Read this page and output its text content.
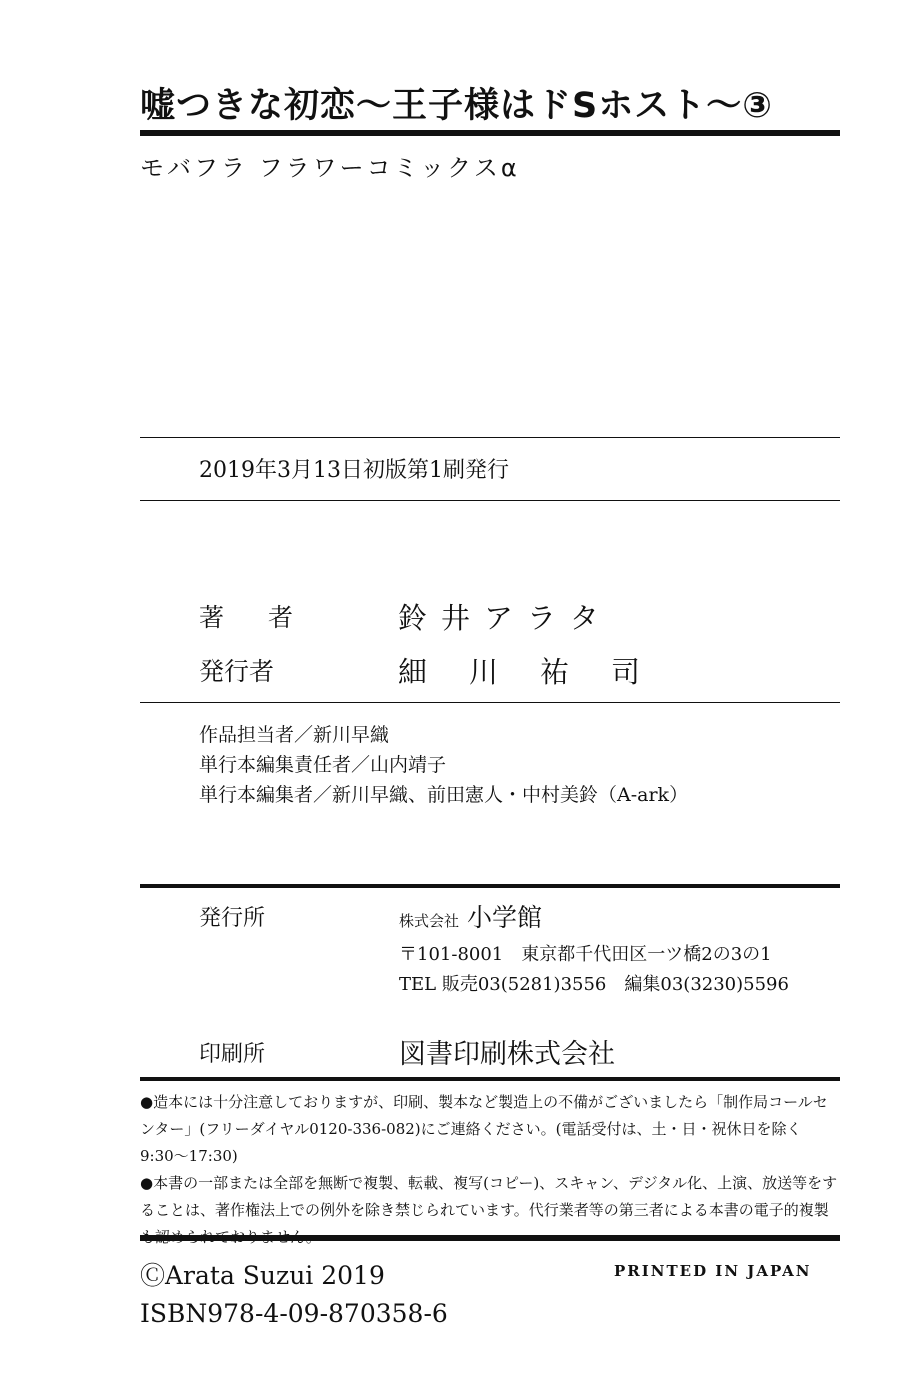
嘘つきな初恋〜王子様はドSホスト〜③
モバフラ フラワーコミックスα
2019年3月13日初版第1刷発行
著 者	鈴井アラタ
発行者	細川祐司
作品担当者／新川早織
単行本編集責任者／山内靖子
単行本編集者／新川早織、前田憲人・中村美鈴（A-ark）
発行所	株式会社 小学館
〒101-8001　東京都千代田区一ツ橋2の3の1
TEL 販売03(5281)3556　編集03(3230)5596
印刷所	図書印刷株式会社

●造本には十分注意しておりますが、印刷、製本など製造上の不備がございましたら「制作局コールセンター」(フリーダイヤル0120-336-082)にご連絡ください。(電話受付は、土・日・祝休日を除く9:30〜17:30)

●本書の一部または全部を無断で複製、転載、複写(コピー)、スキャン、デジタル化、上演、放送等をすることは、著作権法上での例外を除き禁じられています。代行業者等の第三者による本書の電子的複製

ⒸArata Suzui 2019	PRINTED IN JAPAN
ISBN978-4-09-870358-6
